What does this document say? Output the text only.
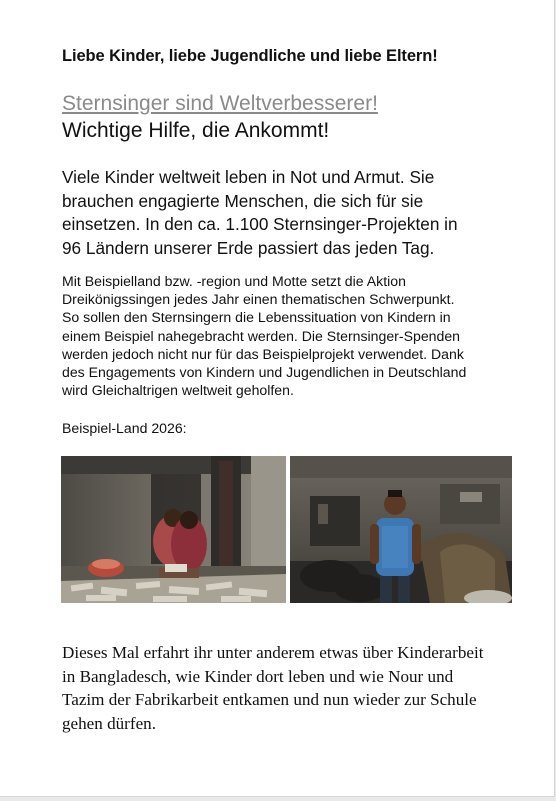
Liebe Kinder, liebe Jugendliche und liebe Eltern!
Sternsinger sind Weltverbesserer!
Wichtige Hilfe, die Ankommt!
Viele Kinder weltweit leben in Not und Armut. Sie
brauchen engagierte Menschen, die sich für sie
einsetzen. In den ca. 1.100 Sternsinger-Projekten in
96 Ländern unserer Erde passiert das jeden Tag.
Mit Beispielland bzw. -region und Motte setzt die Aktion
Dreikönigssingen jedes Jahr einen thematischen Schwerpunkt.
So sollen den Sternsingern die Lebenssituation von Kindern in
einem Beispiel nahegebracht werden. Die Sternsinger-Spenden
werden jedoch nicht nur für das Beispielprojekt verwendet. Dank
des Engagements von Kindern und Jugendlichen in Deutschland
wird Gleichaltrigen weltweit geholfen.
Beispiel-Land 2026:
Dieses Mal erfahrt ihr unter anderem etwas über Kinderarbeit
in Bangladesch, wie Kinder dort leben und wie Nour und
Tazim der Fabrikarbeit entkamen und nun wieder zur Schule
gehen dürfen.
